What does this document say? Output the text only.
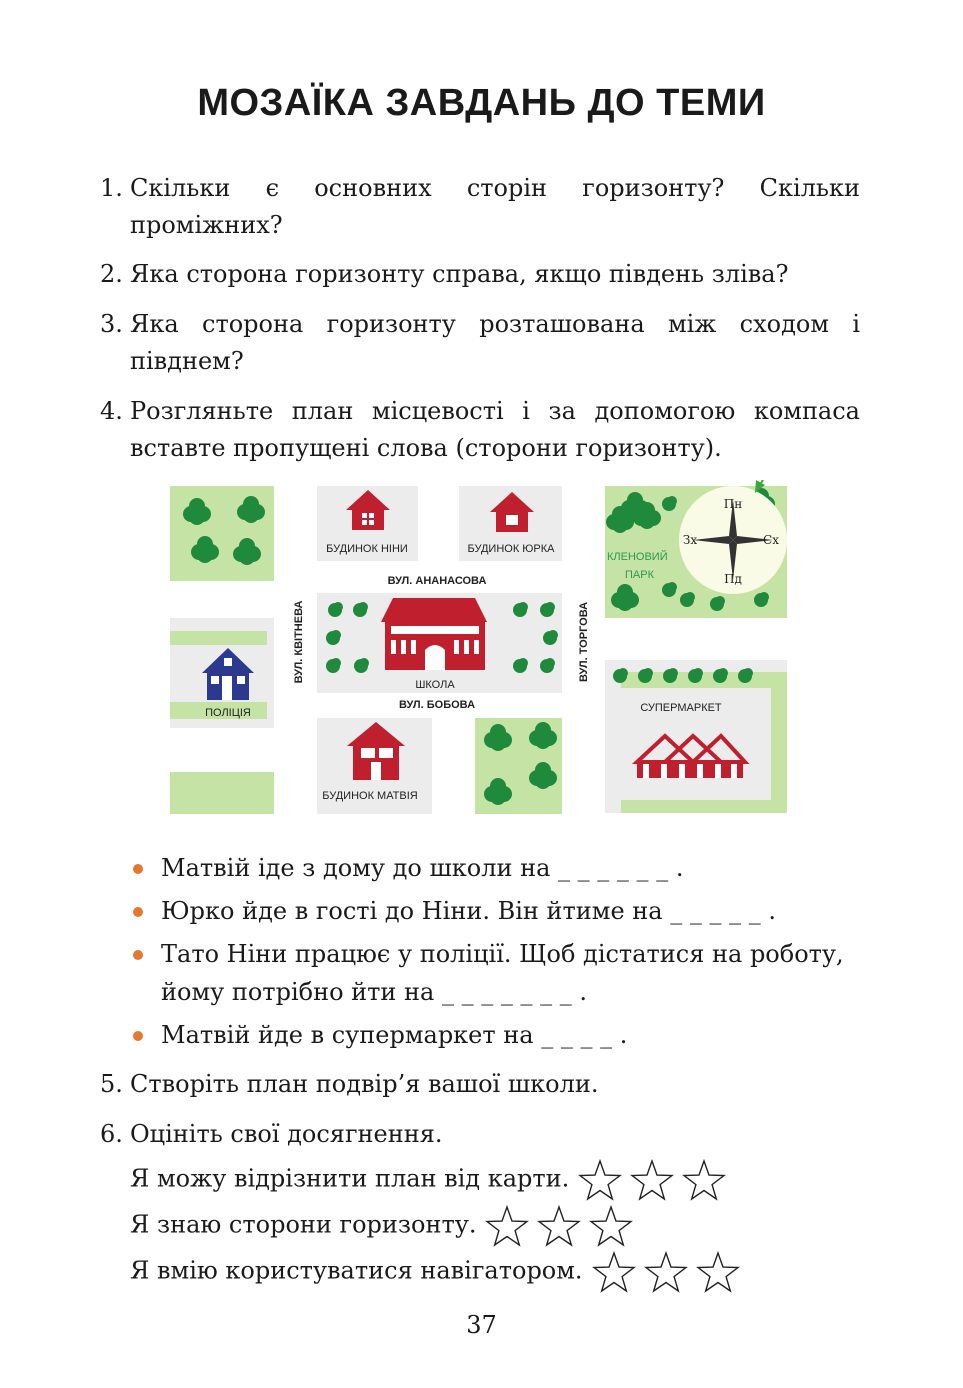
МОЗАЇКА ЗАВДАНЬ ДО ТЕМИ
1. Скільки є основних сторін горизонту? Скільки проміжних?
2. Яка сторона горизонту справа, якщо південь зліва?
3. Яка сторона горизонту розташована між сходом і півднем?
4. Розгляньте план місцевості і за допомогою компаса вставте пропущені слова (сторони горизонту).
БУДИНОК НІНИ	БУДИНОК ЮРКА
КЛЕНОВИЙ
ПАРК
Пн
Пд
Зх	Сх
ВУЛ. АНАНАСОВА
ВУЛ. БОБОВА
ВУЛ. КВІТНЕВА	ВУЛ. ТОРГОВА
ПОЛІЦІЯ
ШКОЛА
СУПЕРМАРКЕТ
БУДИНОК МАТВІЯ
Матвій іде з дому до школи на _ _ _ _ _ _ .
Юрко йде в гості до Ніни. Він йтиме на _ _ _ _ _ .
Тато Ніни працює у поліції. Щоб дістатися на роботу, йому потрібно йти на _ _ _ _ _ _ _ .
Матвій йде в супермаркет на _ _ _ _ .
5. Створіть план подвір’я вашої школи.
6. Оцініть свої досягнення.
Я можу відрізнити план від карти.
Я знаю сторони горизонту.
Я вмію користуватися навігатором.
37
